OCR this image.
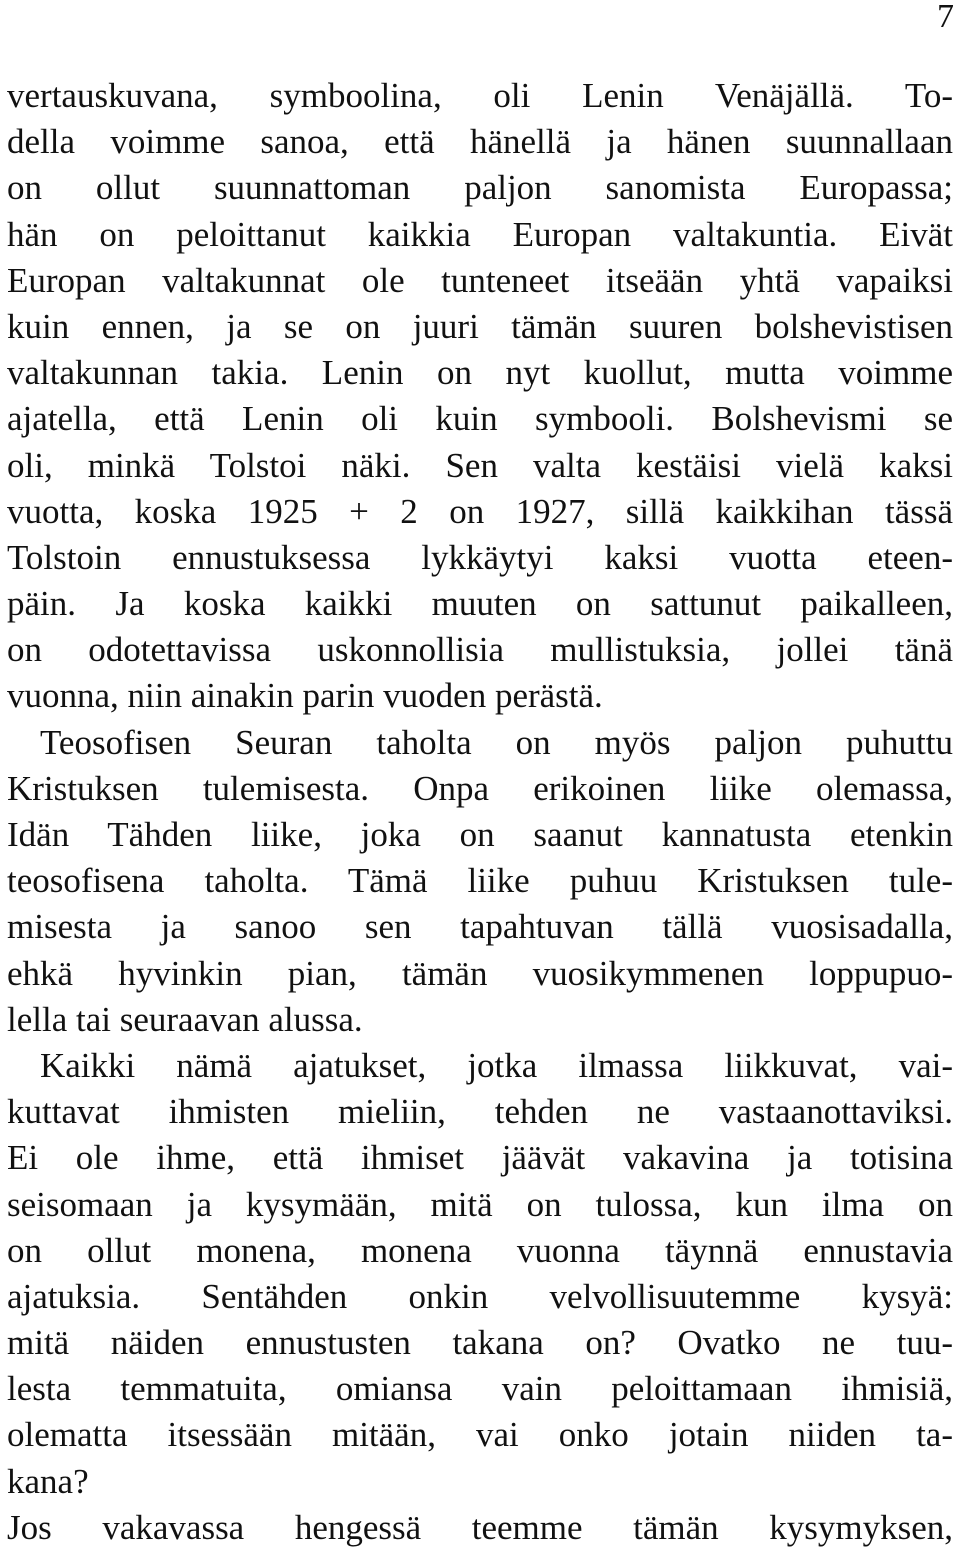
7
vertauskuvana, symboolina, oli Lenin Venäjällä. To-
della voimme sanoa, että hänellä ja hänen suunnallaan
on ollut suunnattoman paljon sanomista Europassa;
hän on peloittanut kaikkia Europan valtakuntia. Eivät
Europan valtakunnat ole tunteneet itseään yhtä vapaiksi
kuin ennen, ja se on juuri tämän suuren bolshevistisen
valtakunnan takia. Lenin on nyt kuollut, mutta voimme
ajatella, että Lenin oli kuin symbooli. Bolshevismi se
oli, minkä Tolstoi näki. Sen valta kestäisi vielä kaksi
vuotta, koska 1925 + 2 on 1927, sillä kaikkihan tässä
Tolstoin ennustuksessa lykkäytyi kaksi vuotta eteen-
päin. Ja koska kaikki muuten on sattunut paikalleen,
on odotettavissa uskonnollisia mullistuksia, jollei tänä
vuonna, niin ainakin parin vuoden perästä.
Teosofisen Seuran taholta on myös paljon puhuttu
Kristuksen tulemisesta. Onpa erikoinen liike olemassa,
Idän Tähden liike, joka on saanut kannatusta etenkin
teosofisena taholta. Tämä liike puhuu Kristuksen tule-
misesta ja sanoo sen tapahtuvan tällä vuosisadalla,
ehkä hyvinkin pian, tämän vuosikymmenen loppupuo-
lella tai seuraavan alussa.
Kaikki nämä ajatukset, jotka ilmassa liikkuvat, vai-
kuttavat ihmisten mieliin, tehden ne vastaanottaviksi.
Ei ole ihme, että ihmiset jäävät vakavina ja totisina
seisomaan ja kysymään, mitä on tulossa, kun ilma on
on ollut monena, monena vuonna täynnä ennustavia
ajatuksia. Sentähden onkin velvollisuutemme kysyä:
mitä näiden ennustusten takana on? Ovatko ne tuu-
lesta temmatuita, omiansa vain peloittamaan ihmisiä,
olematta itsessään mitään, vai onko jotain niiden ta-
kana?
Jos vakavassa hengessä teemme tämän kysymyksen,
